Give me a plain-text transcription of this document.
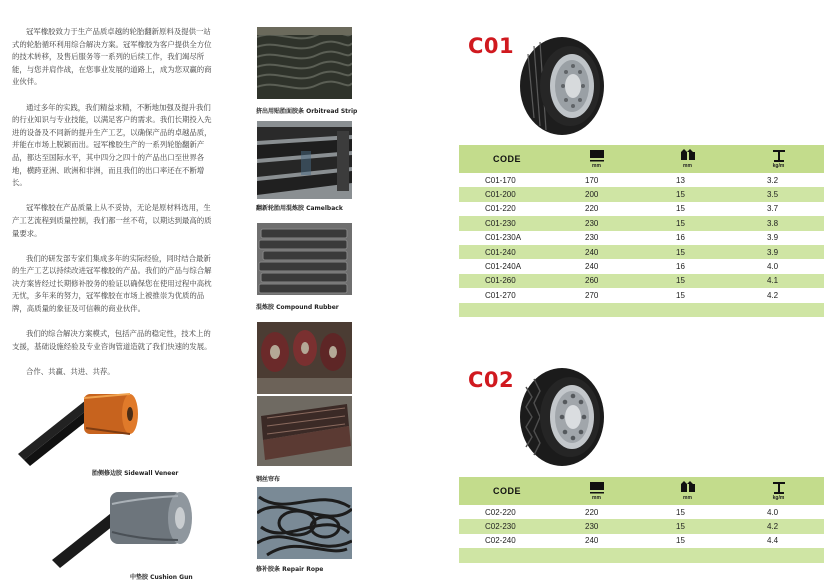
冠军橡胶致力于生产品质卓越的轮胎翻新原料及提供一站式的轮胎循环利用综合解决方案。冠军橡胶为客户提供全方位的技术转移，及售后服务等一系列的后续工作，我们竭尽所能，与您并肩作战，在您事业发展的道路上，成为您双赢的商业伙伴。

通过多年的实践，我们精益求精，不断地加强及提升我们的行业知识与专业技能，以满足客户的需求。我们长期投入先进的设备及不同新的提升生产工艺，以确保产品的卓越品质，并能在市场上脱颖而出。冠军橡胶生产的一系列轮胎翻新产品，都达至国际水平，其中四分之四十的产品出口至世界各地，横跨亚洲、欧洲和非洲，而且我们的出口率还在不断增长。

冠军橡胶在产品质量上从不妥协，无论是原材料选用，生产工艺流程到质量控制，我们都一丝不苟，以期达到最高的质量要求。

我们的研发部专家们集成多年的实际经验，同时结合最新的生产工艺以持续改进冠军橡胶的产品。我们的产品与综合解决方案皆经过长期修补胶务的验证以确保您在使用过程中高枕无忧，多年来的努力，冠军橡胶在市场上被推崇为优质的品牌，高质量的象征及可信赖的商业伙伴。

我们的综合解决方案模式，包括产品的稳定性，技术上的支援，基础设施经验及专业咨询管道造就了我们快速的发展。

合作、共赢、共进、共荐。

胎侧修边胶 Sidewall Veneer
中垫胶 Cushion Gun
挤出用贴胎面胶条 Orbitread Strip
翻新轮胎用混炼胶 Camelback
混炼胶 Compound Rubber
钢丝帘布
修补胶条 Repair Rope
C01
CODE	mm	mm	kg/m

C01-170	170	13	3.2
C01-200	200	15	3.5
C01-220	220	15	3.7
C01-230	230	15	3.8
C01-230A	230	16	3.9
C01-240	240	15	3.9
C01-240A	240	16	4.0
C01-260	260	15	4.1
C01-270	270	15	4.2

C02
CODE	mm	mm	kg/m

C02-220	220	15	4.0
C02-230	230	15	4.2
C02-240	240	15	4.4
